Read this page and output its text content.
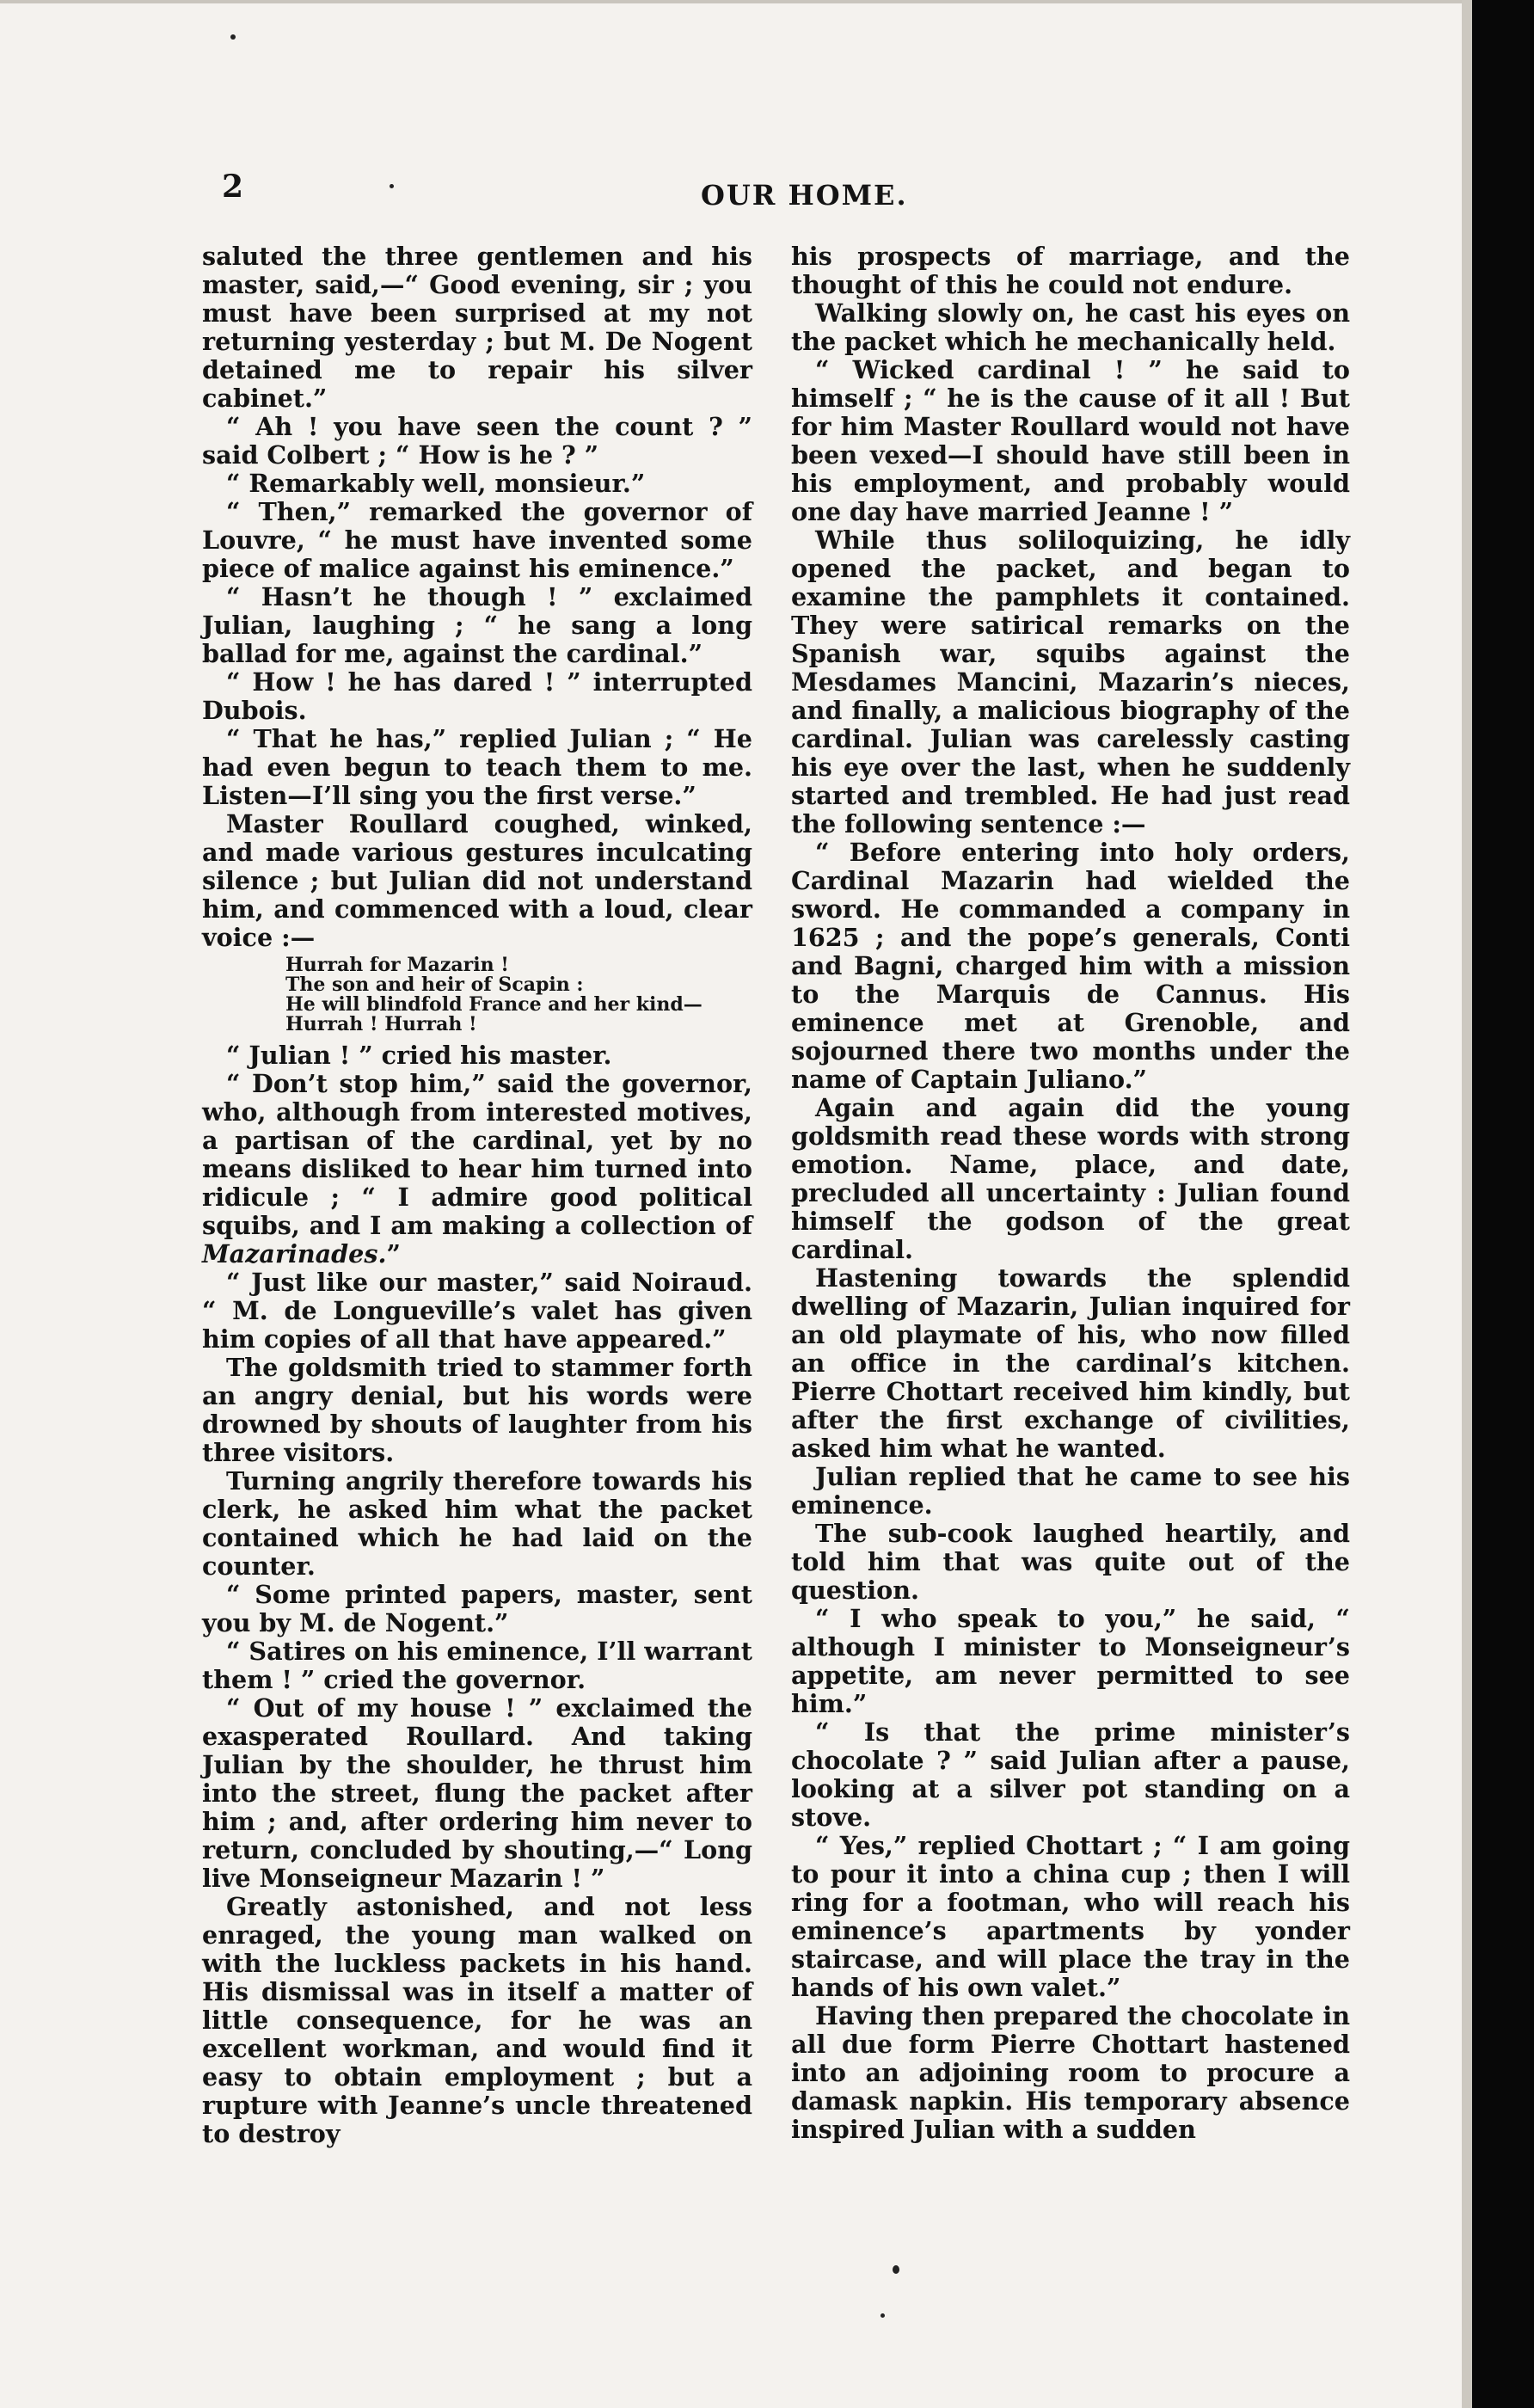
2	OUR HOME.

saluted the three gentlemen and his master, said,—“ Good evening, sir ; you must have been surprised at my not returning yesterday ; but M. De Nogent detained me to repair his silver cabinet.”

“ Ah ! you have seen the count ? ” said Colbert ; “ How is he ? ”

“ Remarkably well, monsieur.”

“ Then,” remarked the governor of Louvre, “ he must have invented some piece of malice against his eminence.”

“ Hasn’t he though ! ” exclaimed Julian, laughing ; “ he sang a long ballad for me, against the cardinal.”

“ How ! he has dared ! ” interrupted Dubois.

“ That he has,” replied Julian ; “ He had even begun to teach them to me. Listen—I’ll sing you the first verse.”

Master Roullard coughed, winked, and made various gestures inculcating silence ; but Julian did not understand him, and commenced with a loud, clear voice :—

Hurrah for Mazarin !
The son and heir of Scapin :
He will blindfold France and her kind—
Hurrah ! Hurrah !

“ Julian ! ” cried his master.

“ Don’t stop him,” said the governor, who, although from interested motives, a partisan of the cardinal, yet by no means disliked to hear him turned into ridicule ; “ I admire good political squibs, and I am making a collection of Mazarinades.”

“ Just like our master,” said Noiraud. “ M. de Longueville’s valet has given him copies of all that have appeared.”

The goldsmith tried to stammer forth an angry denial, but his words were drowned by shouts of laughter from his three visitors.

Turning angrily therefore towards his clerk, he asked him what the packet contained which he had laid on the counter.

“ Some printed papers, master, sent you by M. de Nogent.”

“ Satires on his eminence, I’ll warrant them ! ” cried the governor.

“ Out of my house ! ” exclaimed the exasperated Roullard. And taking Julian by the shoulder, he thrust him into the street, flung the packet after him ; and, after ordering him never to return, concluded by shouting,—“ Long live Monseigneur Mazarin ! ”

Greatly astonished, and not less enraged, the young man walked on with the luckless packets in his hand. His dismissal was in itself a matter of little consequence, for he was an excellent workman, and would find it easy to obtain employment ; but a rupture with Jeanne’s uncle threatened to destroy

his prospects of marriage, and the thought of this he could not endure.

Walking slowly on, he cast his eyes on the packet which he mechanically held.

“ Wicked cardinal ! ” he said to himself ; “ he is the cause of it all ! But for him Master Roullard would not have been vexed—I should have still been in his employment, and probably would one day have married Jeanne ! ”

While thus soliloquizing, he idly opened the packet, and began to examine the pamphlets it contained. They were satirical remarks on the Spanish war, squibs against the Mesdames Mancini, Mazarin’s nieces, and finally, a malicious biography of the cardinal. Julian was carelessly casting his eye over the last, when he suddenly started and trembled. He had just read the following sentence :—

“ Before entering into holy orders, Cardinal Mazarin had wielded the sword. He commanded a company in 1625 ; and the pope’s generals, Conti and Bagni, charged him with a mission to the Marquis de Cannus. His eminence met at Grenoble, and sojourned there two months under the name of Captain Juliano.”

Again and again did the young goldsmith read these words with strong emotion. Name, place, and date, precluded all uncertainty : Julian found himself the godson of the great cardinal.

Hastening towards the splendid dwelling of Mazarin, Julian inquired for an old playmate of his, who now filled an office in the cardinal’s kitchen. Pierre Chottart received him kindly, but after the first exchange of civilities, asked him what he wanted.

Julian replied that he came to see his eminence.

The sub-cook laughed heartily, and told him that was quite out of the question.

“ I who speak to you,” he said, “ although I minister to Monseigneur’s appetite, am never permitted to see him.”

“ Is that the prime minister’s chocolate ? ” said Julian after a pause, looking at a silver pot standing on a stove.

“ Yes,” replied Chottart ; “ I am going to pour it into a china cup ; then I will ring for a footman, who will reach his eminence’s apartments by yonder staircase, and will place the tray in the hands of his own valet.”

Having then prepared the chocolate in all due form Pierre Chottart hastened into an adjoining room to procure a damask napkin. His temporary absence inspired Julian with a sudden
